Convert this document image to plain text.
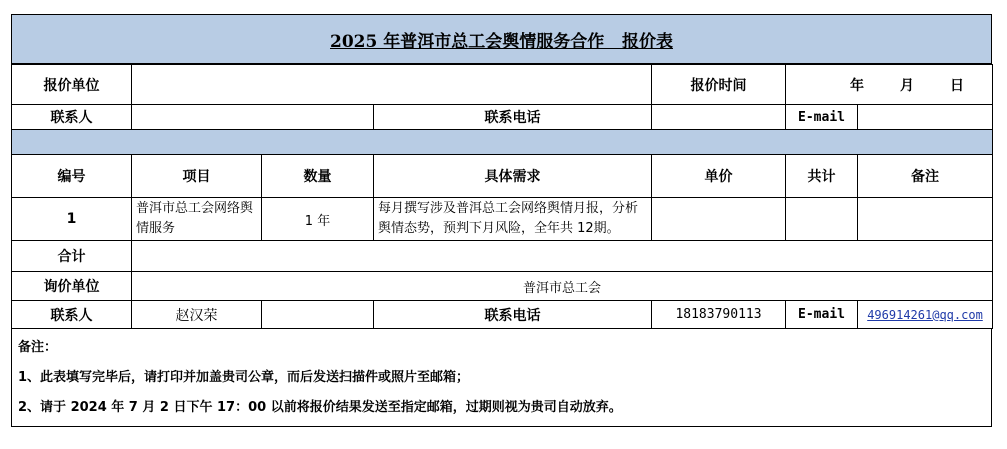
2025 年普洱市总工会舆情服务合作   报价表
报价单位				报价时间	年 月 日	

联系人			联系电话		E-mail	

编号	项目	数量	具体需求	单价	共计	备注
1	普洱市总工会网络舆情服务	1 年	每月撰写涉及普洱总工会网络舆情月报，分析舆情态势，预判下月风险，全年共 12期。			
合计						
询价单位	普洱市总工会					
联系人	赵汉荣		联系电话	18183790113	E-mail	496914261@qq.com
备注：
1、此表填写完毕后，请打印并加盖贵司公章，而后发送扫描件或照片至邮箱；
2、请于 2024 年 7 月 2 日下午 17：00 以前将报价结果发送至指定邮箱，过期则视为贵司自动放弃。
